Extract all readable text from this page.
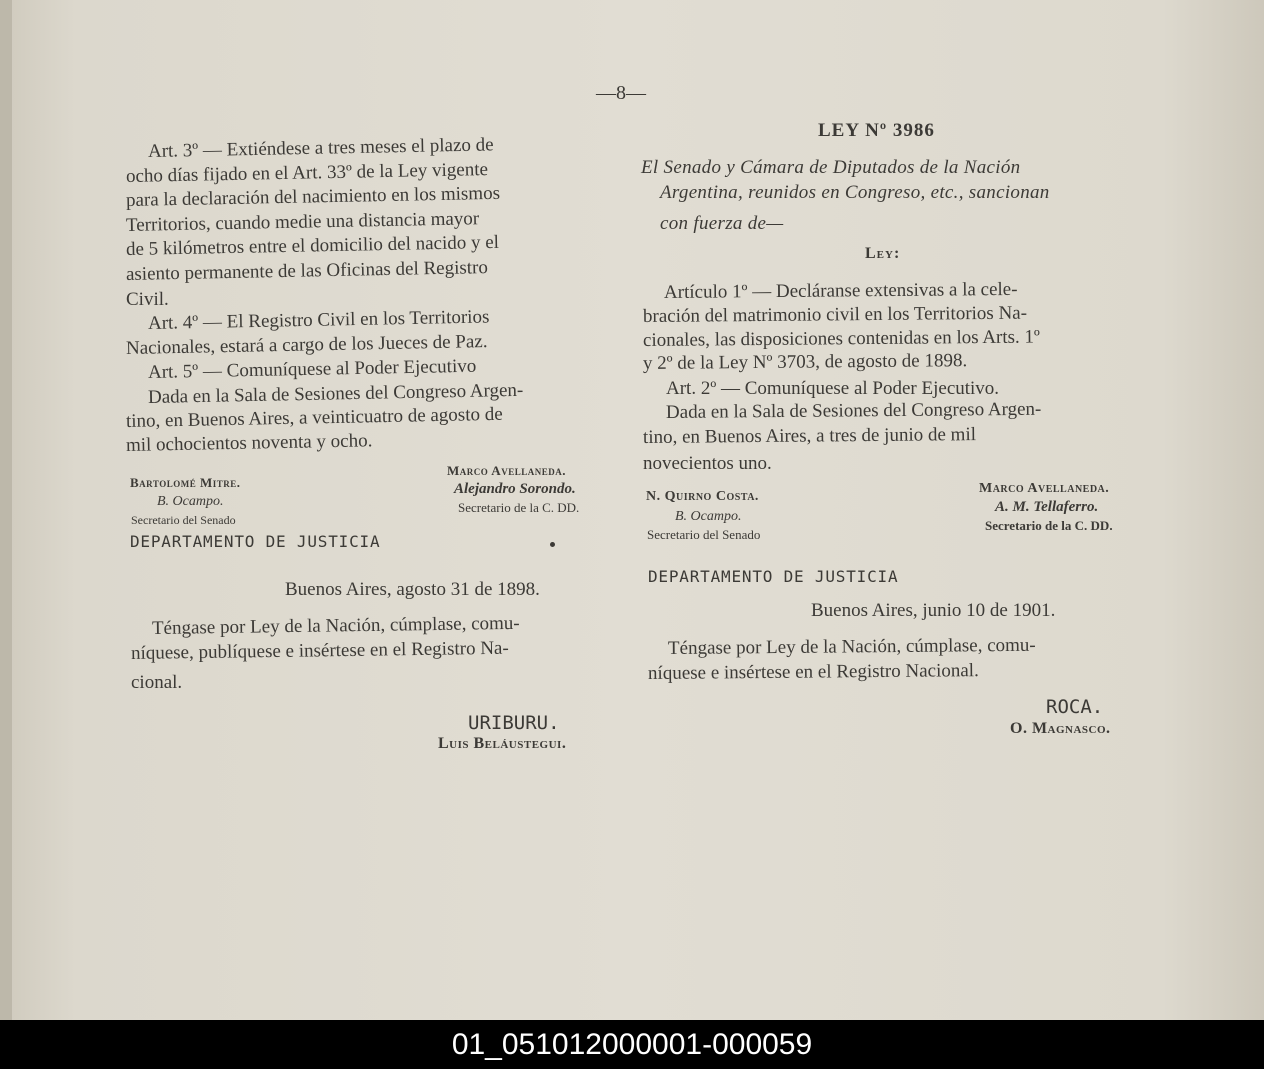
—8—
Art. 3º — Extiéndese a tres meses el plazo de
ocho días fijado en el Art. 33º de la Ley vigente
para la declaración del nacimiento en los mismos
Territorios, cuando medie una distancia mayor
de 5 kilómetros entre el domicilio del nacido y el
asiento permanente de las Oficinas del Registro
Civil.
Art. 4º — El Registro Civil en los Territorios
Nacionales, estará a cargo de los Jueces de Paz.
Art. 5º — Comuníquese al Poder Ejecutivo
Dada en la Sala de Sesiones del Congreso Argen-
tino, en Buenos Aires, a veinticuatro de agosto de
mil ochocientos noventa y ocho.
Bartolomé Mitre.
B. Ocampo.
Secretario del Senado
Marco Avellaneda.
Alejandro Sorondo.
Secretario de la C. DD.
DEPARTAMENTO DE JUSTICIA
Buenos Aires, agosto 31 de 1898.
Téngase por Ley de la Nación, cúmplase, comu-
níquese, publíquese e insértese en el Registro Na-
cional.
URIBURU.
Luis Beláustegui.
LEY Nº 3986
El Senado y Cámara de Diputados de la Nación
Argentina, reunidos en Congreso, etc., sancionan
con fuerza de—
Ley:
Artículo 1º — Decláranse extensivas a la cele-
bración del matrimonio civil en los Territorios Na-
cionales, las disposiciones contenidas en los Arts. 1º
y 2º de la Ley Nº 3703, de agosto de 1898.
Art. 2º — Comuníquese al Poder Ejecutivo.
Dada en la Sala de Sesiones del Congreso Argen-
tino, en Buenos Aires, a tres de junio de mil
novecientos uno.
N. Quirno Costa.
B. Ocampo.
Secretario del Senado
Marco Avellaneda.
A. M. Tellaferro.
Secretario de la C. DD.
DEPARTAMENTO DE JUSTICIA
Buenos Aires, junio 10 de 1901.
Téngase por Ley de la Nación, cúmplase, comu-
níquese e insértese en el Registro Nacional.
ROCA.
O. Magnasco.
01_051012000001-000059
